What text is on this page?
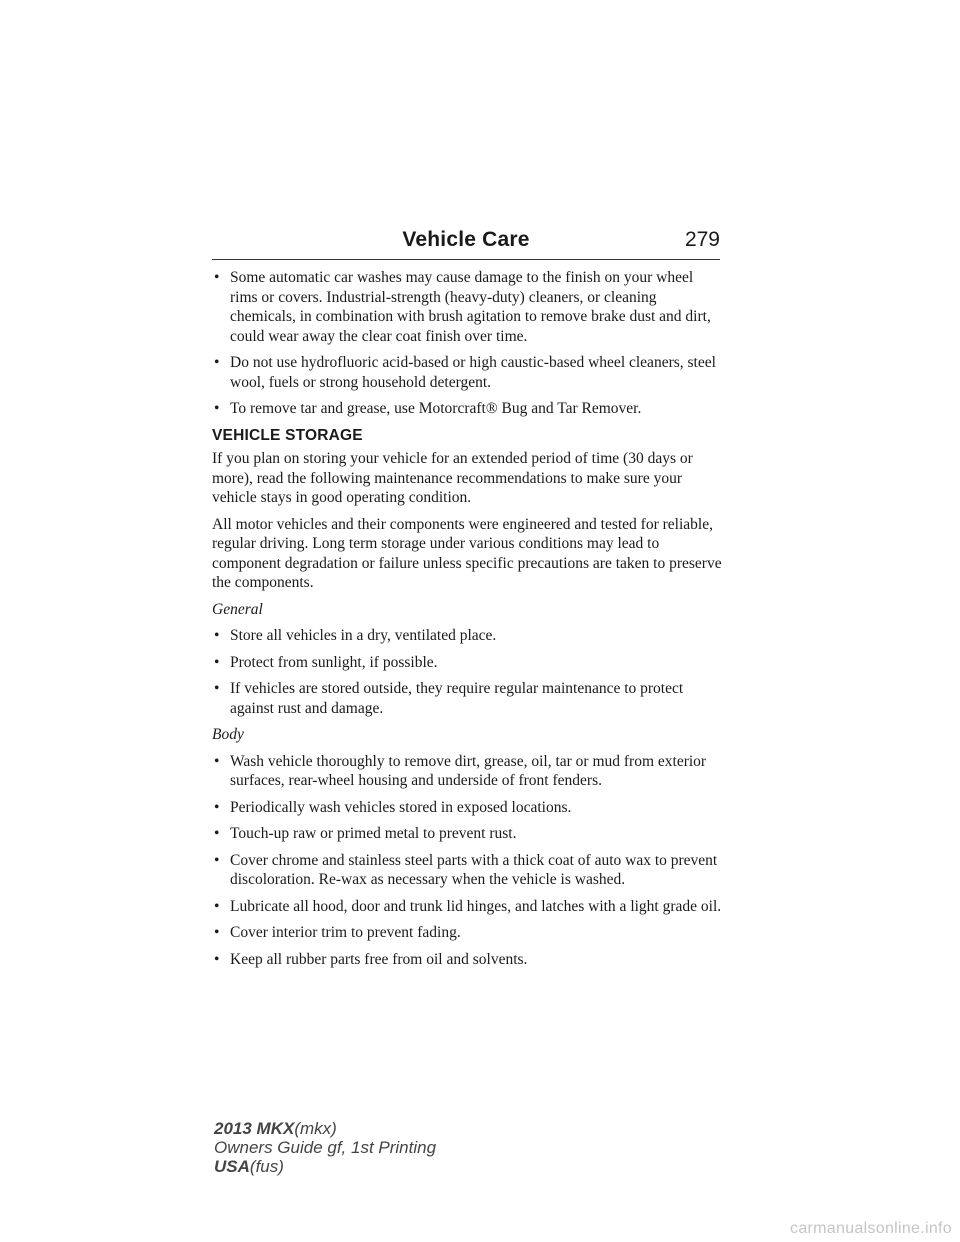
Vehicle Care	279
• Some automatic car washes may cause damage to the finish on your wheel rims or covers. Industrial-strength (heavy-duty) cleaners, or cleaning chemicals, in combination with brush agitation to remove brake dust and dirt, could wear away the clear coat finish over time.
• Do not use hydrofluoric acid-based or high caustic-based wheel cleaners, steel wool, fuels or strong household detergent.
• To remove tar and grease, use Motorcraft® Bug and Tar Remover.
VEHICLE STORAGE

If you plan on storing your vehicle for an extended period of time (30 days or more), read the following maintenance recommendations to make sure your vehicle stays in good operating condition.

All motor vehicles and their components were engineered and tested for reliable, regular driving. Long term storage under various conditions may lead to component degradation or failure unless specific precautions are taken to preserve the components.

General
• Store all vehicles in a dry, ventilated place.
• Protect from sunlight, if possible.
• If vehicles are stored outside, they require regular maintenance to protect against rust and damage.
Body
• Wash vehicle thoroughly to remove dirt, grease, oil, tar or mud from exterior surfaces, rear-wheel housing and underside of front fenders.
• Periodically wash vehicles stored in exposed locations.
• Touch-up raw or primed metal to prevent rust.
• Cover chrome and stainless steel parts with a thick coat of auto wax to prevent discoloration. Re-wax as necessary when the vehicle is washed.
• Lubricate all hood, door and trunk lid hinges, and latches with a light grade oil.
• Cover interior trim to prevent fading.
• Keep all rubber parts free from oil and solvents.
2013 MKX(mkx)
Owners Guide gf, 1st Printing
USA(fus)
carmanualsonline.info
